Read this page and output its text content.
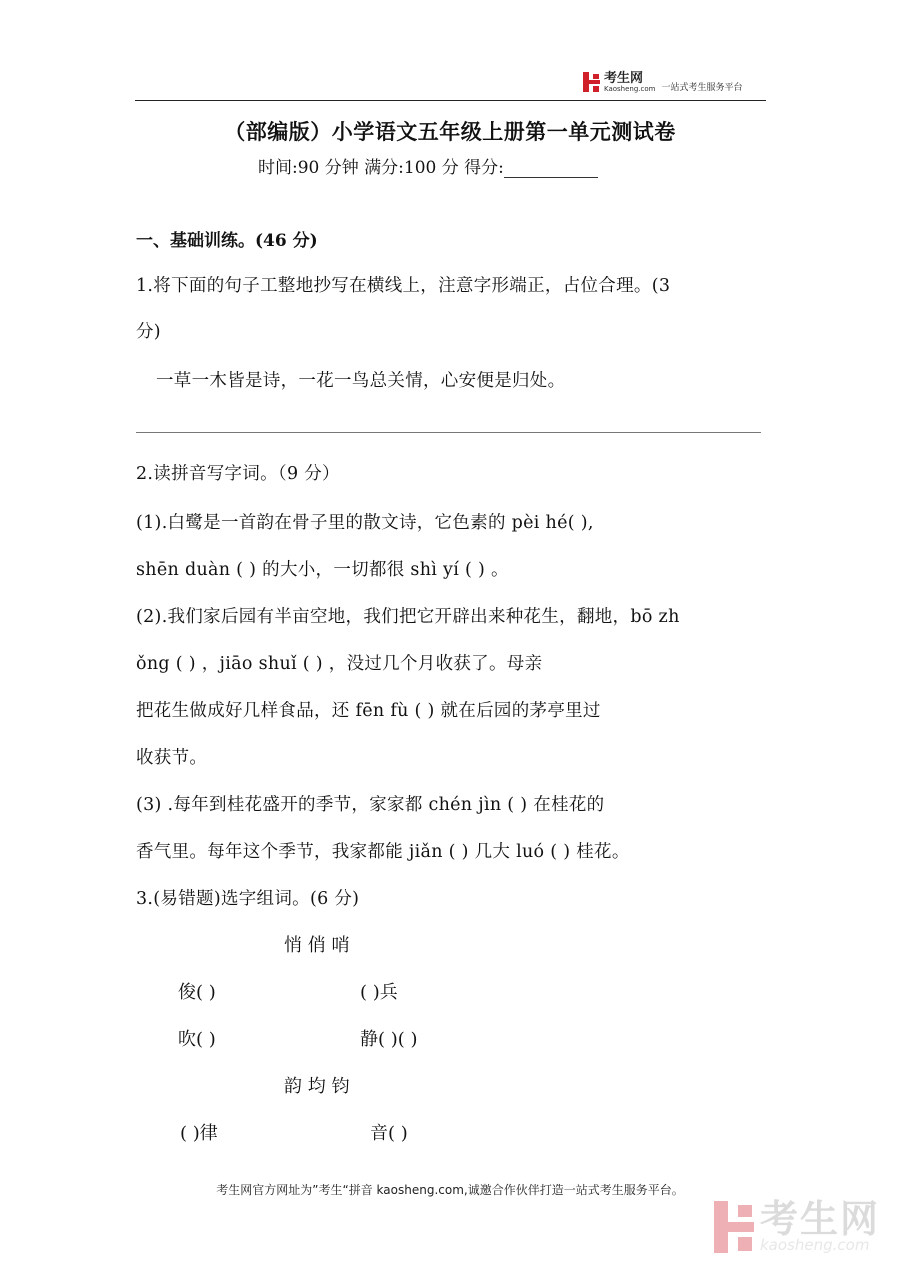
考生网
Kaosheng.com 一站式考生服务平台
（部编版）小学语文五年级上册第一单元测试卷
时间:90 分钟 满分:100 分 得分:
一、基础训练。(46 分)
1.将下面的句子工整地抄写在横线上，注意字形端正，占位合理。(3
分)
一草一木皆是诗，一花一鸟总关情，心安便是归处。
2.读拼音写字词。（9 分）
(1).白鹭是一首韵在骨子里的散文诗，它色素的 pèi hé( ),
shēn duàn ( ) 的大小，一切都很 shì yí ( ) 。
(2).我们家后园有半亩空地，我们把它开辟出来种花生，翻地，bō zh
ǒng ( ) ，jiāo shuǐ ( ) ，没过几个月收获了。母亲
把花生做成好几样食品，还 fēn fù ( ) 就在后园的茅亭里过
收获节。
(3) .每年到桂花盛开的季节，家家都 chén jìn ( ) 在桂花的
香气里。每年这个季节，我家都能 jiǎn ( ) 几大 luó ( ) 桂花。
3.(易错题)选字组词。(6 分)
悄 俏 哨
俊( )	( )兵
吹( )	静( )( )
韵 均 钧
( )律	音( )
考生网官方网址为”考生“拼音 kaosheng.com,诚邀合作伙伴打造一站式考生服务平台。
考生网
kaosheng.com
